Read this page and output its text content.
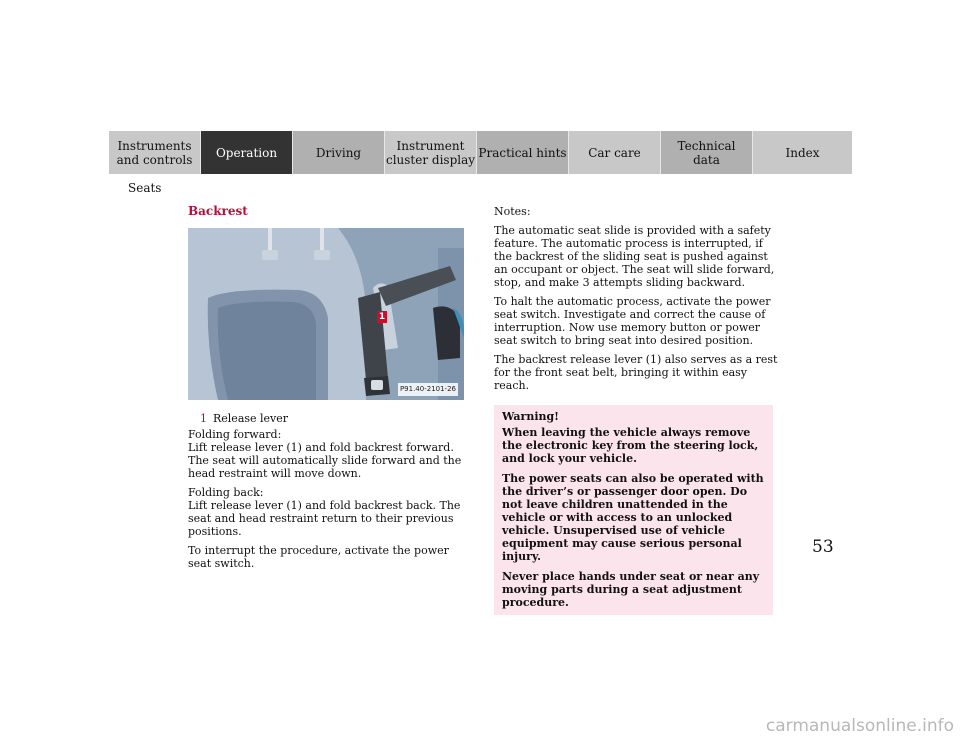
Instruments
and controls	Operation	Driving	Instrument
cluster display Practical hints	Car care	Technical
data	Index
Seats
Backrest
1
P91.40-2101-26
1 Release lever
Folding forward:
Lift release lever (1) and fold backrest forward. The seat will automatically slide forward and the head restraint will move down.
Folding back:
Lift release lever (1) and fold backrest back. The seat and head restraint return to their previous positions.
To interrupt the procedure, activate the power seat switch.
Notes:
The automatic seat slide is provided with a safety feature. The automatic process is interrupted, if the backrest of the sliding seat is pushed against an occupant or object. The seat will slide forward, stop, and make 3 attempts sliding backward.
To halt the automatic process, activate the power seat switch. Investigate and correct the cause of interruption. Now use memory button or power seat switch to bring seat into desired position.
The backrest release lever (1) also serves as a rest for the front seat belt, bringing it within easy reach.

Warning!

When leaving the vehicle always remove the electronic key from the steering lock, and lock your vehicle.

The power seats can also be operated with the driver’s or passenger door open. Do not leave children unattended in the vehicle or with access to an unlocked vehicle. Unsupervised use of vehicle equipment may cause serious personal injury.

Never place hands under seat or near any moving parts during a seat adjustment procedure.

53
carmanualsonline.info
